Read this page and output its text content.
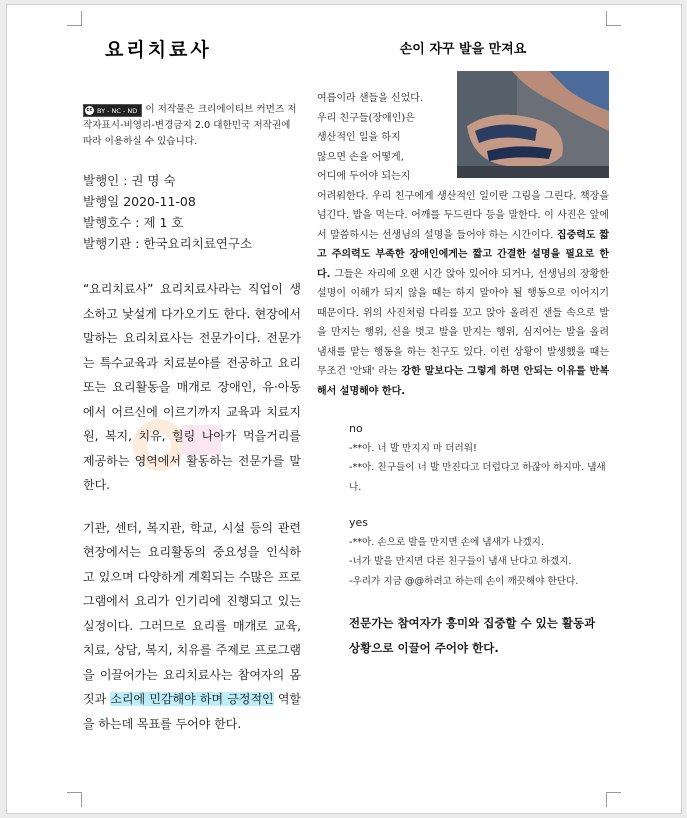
요리치료사
cc BY - NC - ND 이 저작물은 크리에이티브 커먼즈 저작자표시-비영리-변경금지 2.0 대한민국 저작권에 따라 이용하실 수 있습니다.
발행인 : 권 명 숙
발행일 2020-11-08
발행호수 : 제 1 호
발행기관 : 한국요리치료연구소
“요리치료사” 요리치료사라는 직업이 생소하고 낯설게 다가오기도 한다. 현장에서 말하는 요리치료사는 전문가이다. 전문가는 특수교육과 치료분야를 전공하고 요리 또는 요리활동을 매개로 장애인, 유·아동에서 어르신에 이르기까지 교육과 치료지원, 복지, 치유, 힐링 나아가 먹을거리를 제공하는 영역에서 활동하는 전문가를 말한다.
기관, 센터, 복지관, 학교, 시설 등의 관련 현장에서는 요리활동의 중요성을 인식하고 있으며 다양하게 계획되는 수많은 프로그램에서 요리가 인기리에 진행되고 있는 실정이다. 그러므로 요리를 매개로 교육, 치료, 상담, 복지, 치유를 주제로 프로그램을 이끌어가는 요리치료사는 참여자의 몸짓과 소리에 민감해야 하며 긍정적인 역할을 하는데 목표를 두어야 한다.
손이 자꾸 발을 만져요
여름이라 샌들을 신었다.
우리 친구들(장애인)은
생산적인 일을 하지
않으면 손을 어떻게,
어디에 두어야 되는지
어려워한다. 우리 친구에게 생산적인 일이란 그림을 그린다. 책장을 넘긴다. 밥을 먹는다. 어깨를 두드린다 등을 말한다. 이 사진은 앞에서 말씀하시는 선생님의 설명을 들어야 하는 시간이다. 집중력도 짧고 주의력도 부족한 장애인에게는 짧고 간결한 설명을 필요로 한다. 그들은 자리에 오랜 시간 앉아 있어야 되거나, 선생님의 장황한 설명이 이해가 되지 않을 때는 하지 말아야 될 행동으로 이어지기 때문이다. 위의 사진처럼 다리를 꼬고 앉아 올려진 샌들 속으로 발을 만지는 행위, 신을 벗고 발을 만지는 행위, 심지어는 발을 올려 냄새를 맡는 행동을 하는 친구도 있다. 이런 상황이 발생했을 때는 무조건 '안돼' 라는 강한 말보다는 그렇게 하면 안되는 이유를 반복해서 설명해야 한다.
no
-**아. 너 발 만지지 마 더러워!
-**아. 친구들이 너 발 만진다고 더럽다고 하잖아 하지마. 냄새나.
yes
-**아. 손으로 발을 만지면 손에 냄새가 나겠지.
-너가 발을 만지면 다른 친구들이 냄새 난다고 하겠지.
-우리가 지금 @@하려고 하는데 손이 깨끗해야 한단다.
전문가는 참여자가 흥미와 집중할 수 있는 활동과 상황으로 이끌어 주어야 한다.
